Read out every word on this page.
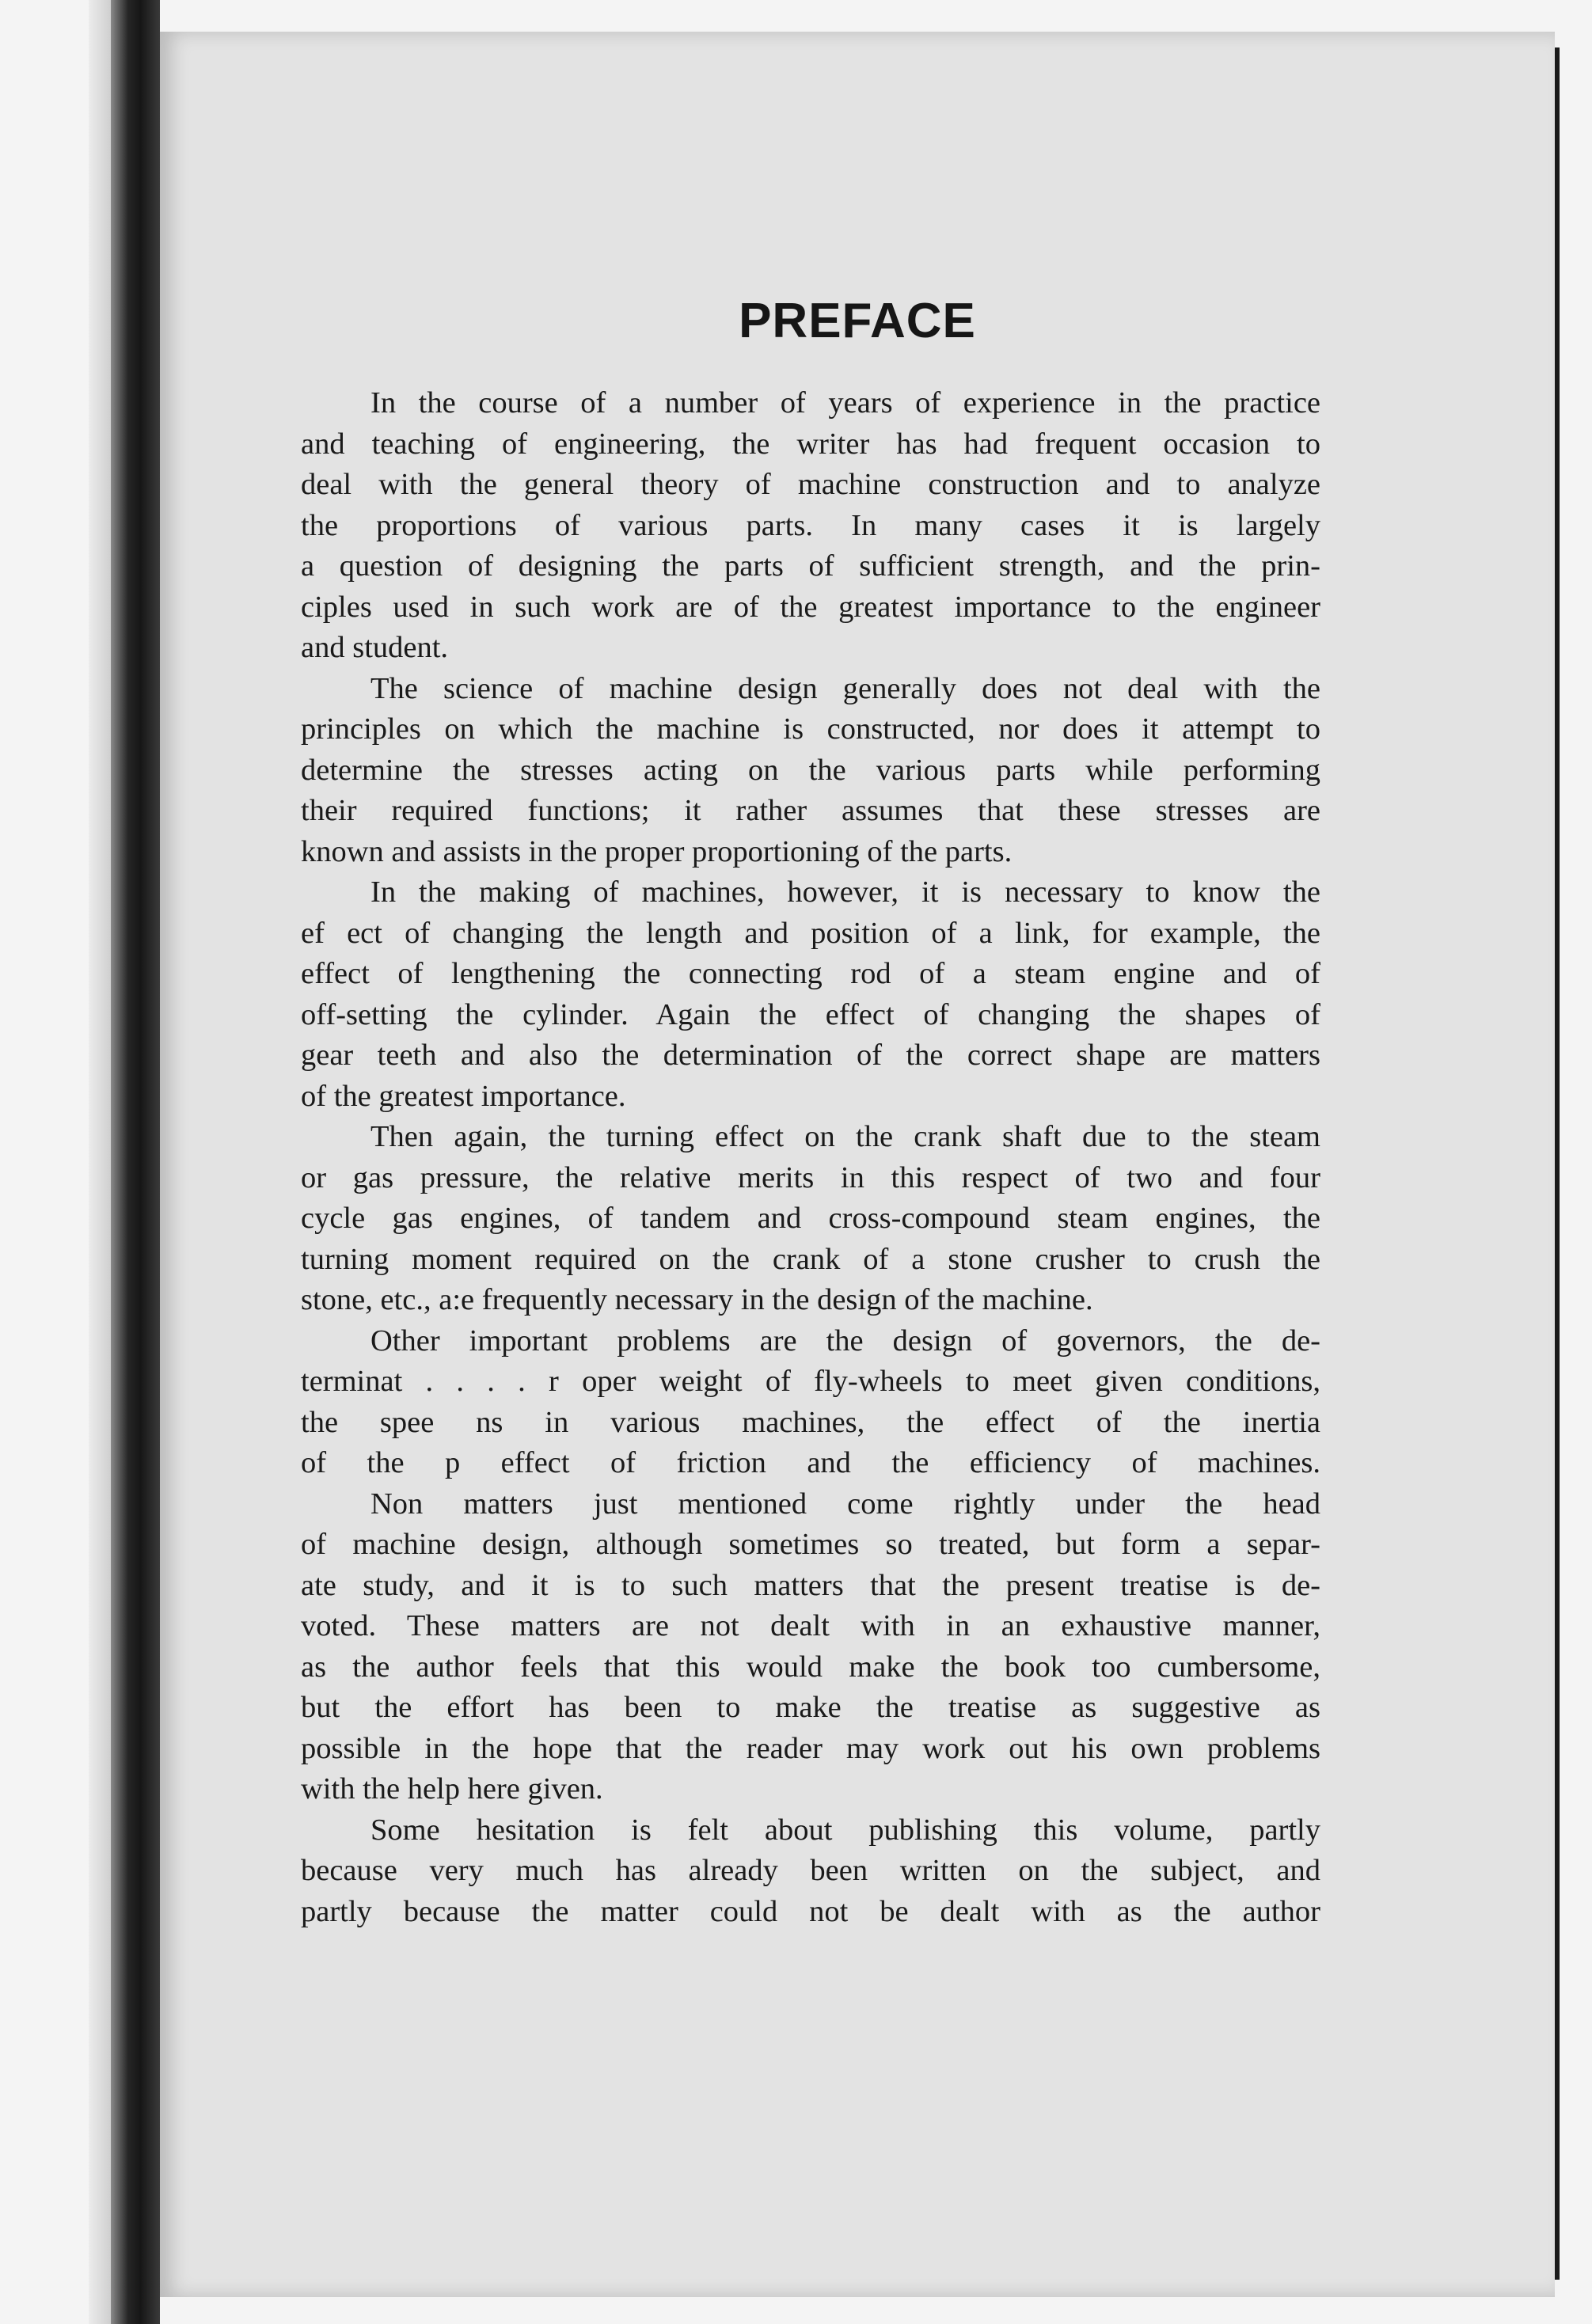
PREFACE
In the course of a number of years of experience in the practice
and teaching of engineering, the writer has had frequent occasion to
deal with the general theory of machine construction and to analyze
the proportions of various parts. In many cases it is largely
a question of designing the parts of sufficient strength, and the prin-
ciples used in such work are of the greatest importance to the engineer
and student.
The science of machine design generally does not deal with the
principles on which the machine is constructed, nor does it attempt to
determine the stresses acting on the various parts while performing
their required functions; it rather assumes that these stresses are
known and assists in the proper proportioning of the parts.
In the making of machines, however, it is necessary to know the
ef ect of changing the length and position of a link, for example, the
effect of lengthening the connecting rod of a steam engine and of
off-setting the cylinder. Again the effect of changing the shapes of
gear teeth and also the determination of the correct shape are matters
of the greatest importance.
Then again, the turning effect on the crank shaft due to the steam
or gas pressure, the relative merits in this respect of two and four
cycle gas engines, of tandem and cross-compound steam engines, the
turning moment required on the crank of a stone crusher to crush the
stone, etc., a:e frequently necessary in the design of the machine.
Other important problems are the design of governors, the de-
terminat . . . . r oper weight of fly-wheels to meet given conditions,
the spee ns in various machines, the effect of the inertia
of the p effect of friction and the efficiency of machines.
Non matters just mentioned come rightly under the head
of machine design, although sometimes so treated, but form a separ-
ate study, and it is to such matters that the present treatise is de-
voted. These matters are not dealt with in an exhaustive manner,
as the author feels that this would make the book too cumbersome,
but the effort has been to make the treatise as suggestive as
possible in the hope that the reader may work out his own problems
with the help here given.
Some hesitation is felt about publishing this volume, partly
because very much has already been written on the subject, and
partly because the matter could not be dealt with as the author
